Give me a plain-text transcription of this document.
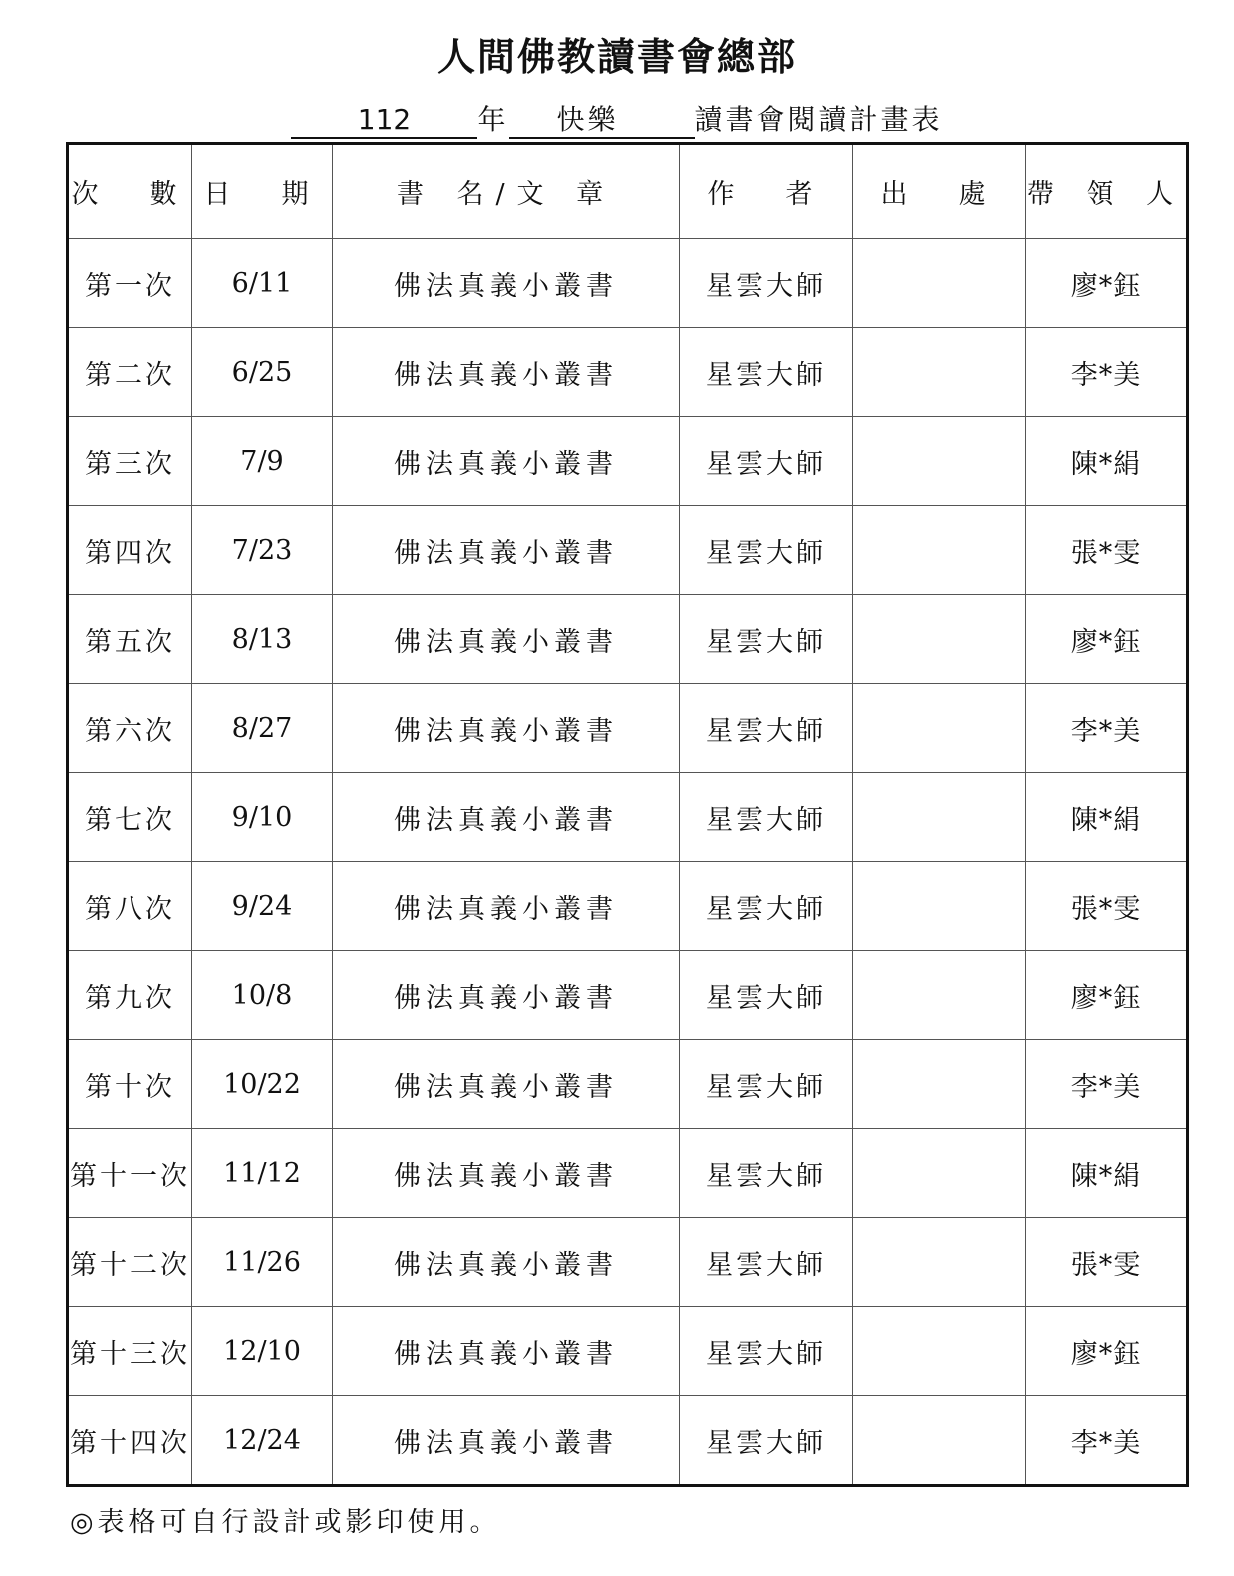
人間佛教讀書會總部
112 年 快樂	讀書會閱讀計畫表
次　數	日　期	書 名/文 章	作　者	出　處	帶 領 人
第一次	6/11	佛法真義小叢書	星雲大師		廖*鈺
第二次	6/25	佛法真義小叢書	星雲大師		李*美
第三次	7/9	佛法真義小叢書	星雲大師		陳*絹
第四次	7/23	佛法真義小叢書	星雲大師		張*雯
第五次	8/13	佛法真義小叢書	星雲大師		廖*鈺
第六次	8/27	佛法真義小叢書	星雲大師		李*美
第七次	9/10	佛法真義小叢書	星雲大師		陳*絹
第八次	9/24	佛法真義小叢書	星雲大師		張*雯
第九次	10/8	佛法真義小叢書	星雲大師		廖*鈺
第十次	10/22	佛法真義小叢書	星雲大師		李*美
第十一次	11/12	佛法真義小叢書	星雲大師		陳*絹
第十二次	11/26	佛法真義小叢書	星雲大師		張*雯
第十三次	12/10	佛法真義小叢書	星雲大師		廖*鈺
第十四次	12/24	佛法真義小叢書	星雲大師		李*美
◎表格可自行設計或影印使用。
